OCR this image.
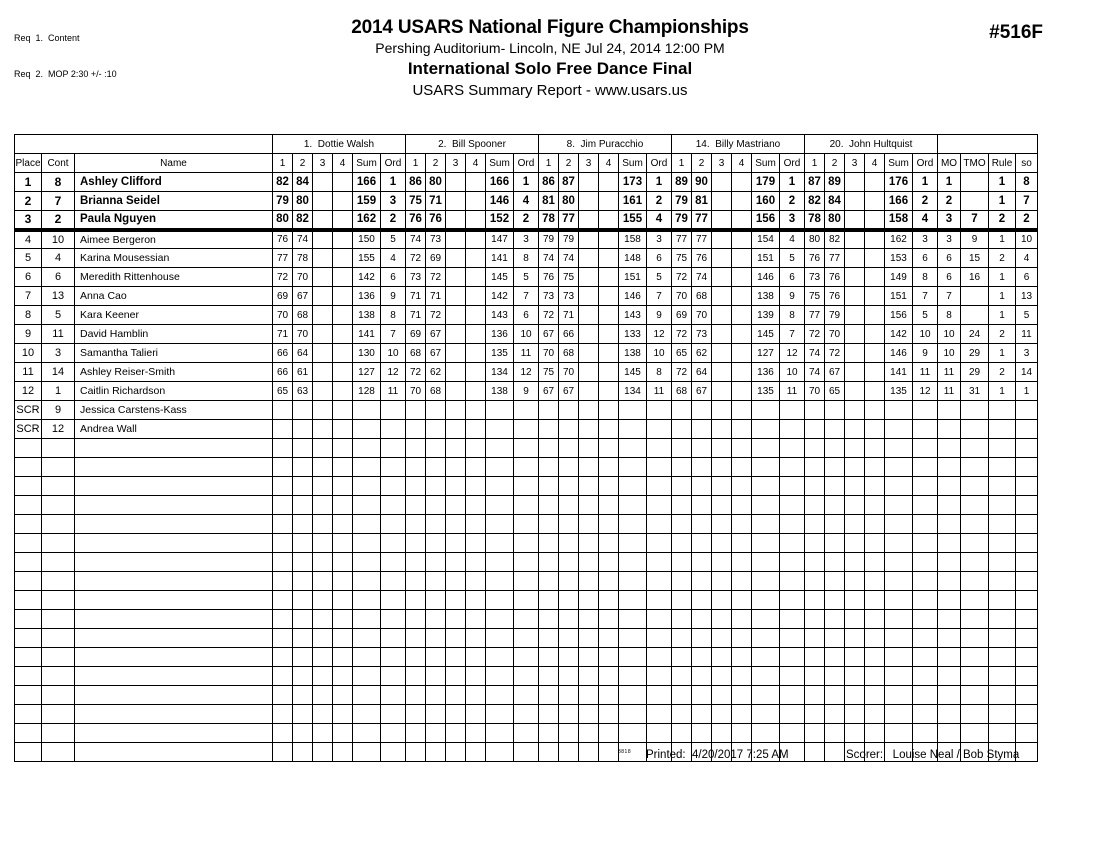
Req  1.  Content

Req  2.  MOP 2:30 +/- :10

2014 USARS National Figure Championships
Pershing Auditorium- Lincoln, NE Jul 24, 2014 12:00 PM
International Solo Free Dance Final
USARS Summary Report - www.usars.us
#516F
			1. Dottie Walsh						2. Bill Spooner						8. Jim Puracchio						14. Billy Mastriano						20. John Hultquist									
Place	Cont	Name	1	2	3	4	Sum	Ord	1	2	3	4	Sum	Ord	1	2	3	4	Sum	Ord	1	2	3	4	Sum	Ord	1	2	3	4	Sum	Ord	MO	TMO	Rule	so
1	8	Ashley Clifford	82	84			166	1	86	80			166	1	86	87			173	1	89	90			179	1	87	89			176	1	1		1	8
2	7	Brianna Seidel	79	80			159	3	75	71			146	4	81	80			161	2	79	81			160	2	82	84			166	2	2		1	7
3	2	Paula Nguyen	80	82			162	2	76	76			152	2	78	77			155	4	79	77			156	3	78	80			158	4	3	7	2	2
4	10	Aimee Bergeron	76	74			150	5	74	73			147	3	79	79			158	3	77	77			154	4	80	82			162	3	3	9	1	10
5	4	Karina Mousessian	77	78			155	4	72	69			141	8	74	74			148	6	75	76			151	5	76	77			153	6	6	15	2	4
6	6	Meredith Rittenhouse	72	70			142	6	73	72			145	5	76	75			151	5	72	74			146	6	73	76			149	8	6	16	1	6
7	13	Anna Cao	69	67			136	9	71	71			142	7	73	73			146	7	70	68			138	9	75	76			151	7	7		1	13
8	5	Kara Keener	70	68			138	8	71	72			143	6	72	71			143	9	69	70			139	8	77	79			156	5	8		1	5
9	11	David Hamblin	71	70			141	7	69	67			136	10	67	66			133	12	72	73			145	7	72	70			142	10	10	24	2	11
10	3	Samantha Talieri	66	64			130	10	68	67			135	11	70	68			138	10	65	62			127	12	74	72			146	9	10	29	1	3
11	14	Ashley Reiser-Smith	66	61			127	12	72	62			134	12	75	70			145	8	72	64			136	10	74	67			141	11	11	29	2	14
12	1	Caitlin Richardson	65	63			128	11	70	68			138	9	67	67			134	11	68	67			135	11	70	65			135	12	11	31	1	1
SCR	9	Jessica Carstens-Kass																																		
SCR	12	Andrea Wall																																		

3818 Printed: 4/20/2017 7:25 AM	Scorer: Louise Neal / Bob Styma
